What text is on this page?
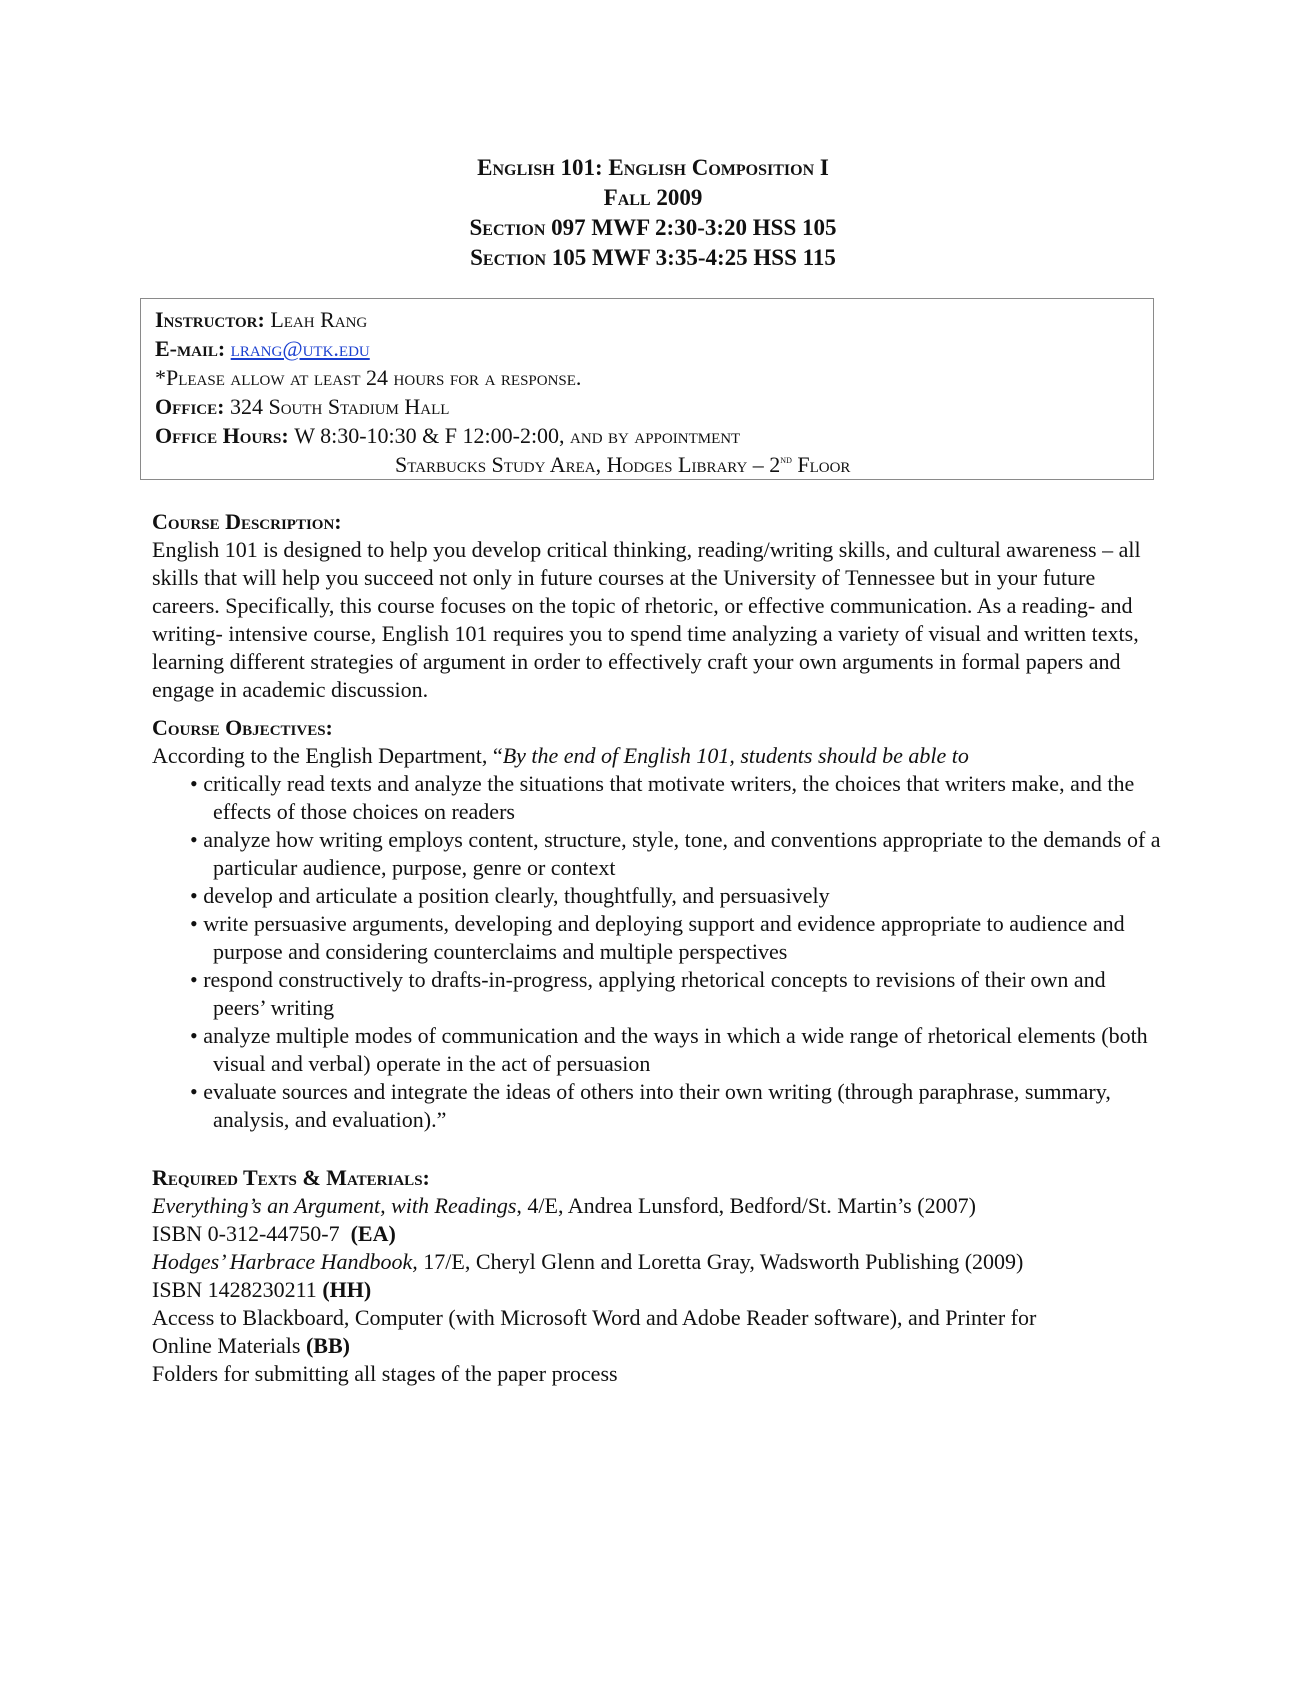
English 101: English Composition I
Fall 2009
Section 097 MWF 2:30-3:20 HSS 105
Section 105 MWF 3:35-4:25 HSS 115
Instructor: Leah Rang
E-mail: lrang@utk.edu
*Please allow at least 24 hours for a response.
Office: 324 South Stadium Hall
Office Hours: W 8:30-10:30 & F 12:00-2:00, and by appointment
Starbucks Study Area, Hodges Library – 2nd Floor
Course Description:
English 101 is designed to help you develop critical thinking, reading/writing skills, and cultural awareness – all skills that will help you succeed not only in future courses at the University of Tennessee but in your future careers. Specifically, this course focuses on the topic of rhetoric, or effective communication. As a reading- and writing- intensive course, English 101 requires you to spend time analyzing a variety of visual and written texts, learning different strategies of argument in order to effectively craft your own arguments in formal papers and engage in academic discussion.
Course Objectives:
According to the English Department, “By the end of English 101, students should be able to
• critically read texts and analyze the situations that motivate writers, the choices that writers make, and the effects of those choices on readers
• analyze how writing employs content, structure, style, tone, and conventions appropriate to the demands of a particular audience, purpose, genre or context
• develop and articulate a position clearly, thoughtfully, and persuasively
• write persuasive arguments, developing and deploying support and evidence appropriate to audience and purpose and considering counterclaims and multiple perspectives
• respond constructively to drafts-in-progress, applying rhetorical concepts to revisions of their own and peers’ writing
• analyze multiple modes of communication and the ways in which a wide range of rhetorical elements (both visual and verbal) operate in the act of persuasion
• evaluate sources and integrate the ideas of others into their own writing (through paraphrase, summary, analysis, and evaluation).”
Required Texts & Materials:
Everything’s an Argument, with Readings, 4/E, Andrea Lunsford, Bedford/St. Martin’s (2007)
ISBN 0-312-44750-7 (EA)
Hodges’ Harbrace Handbook, 17/E, Cheryl Glenn and Loretta Gray, Wadsworth Publishing (2009)
ISBN 1428230211 (HH)
Access to Blackboard, Computer (with Microsoft Word and Adobe Reader software), and Printer for
Online Materials (BB)
Folders for submitting all stages of the paper process
